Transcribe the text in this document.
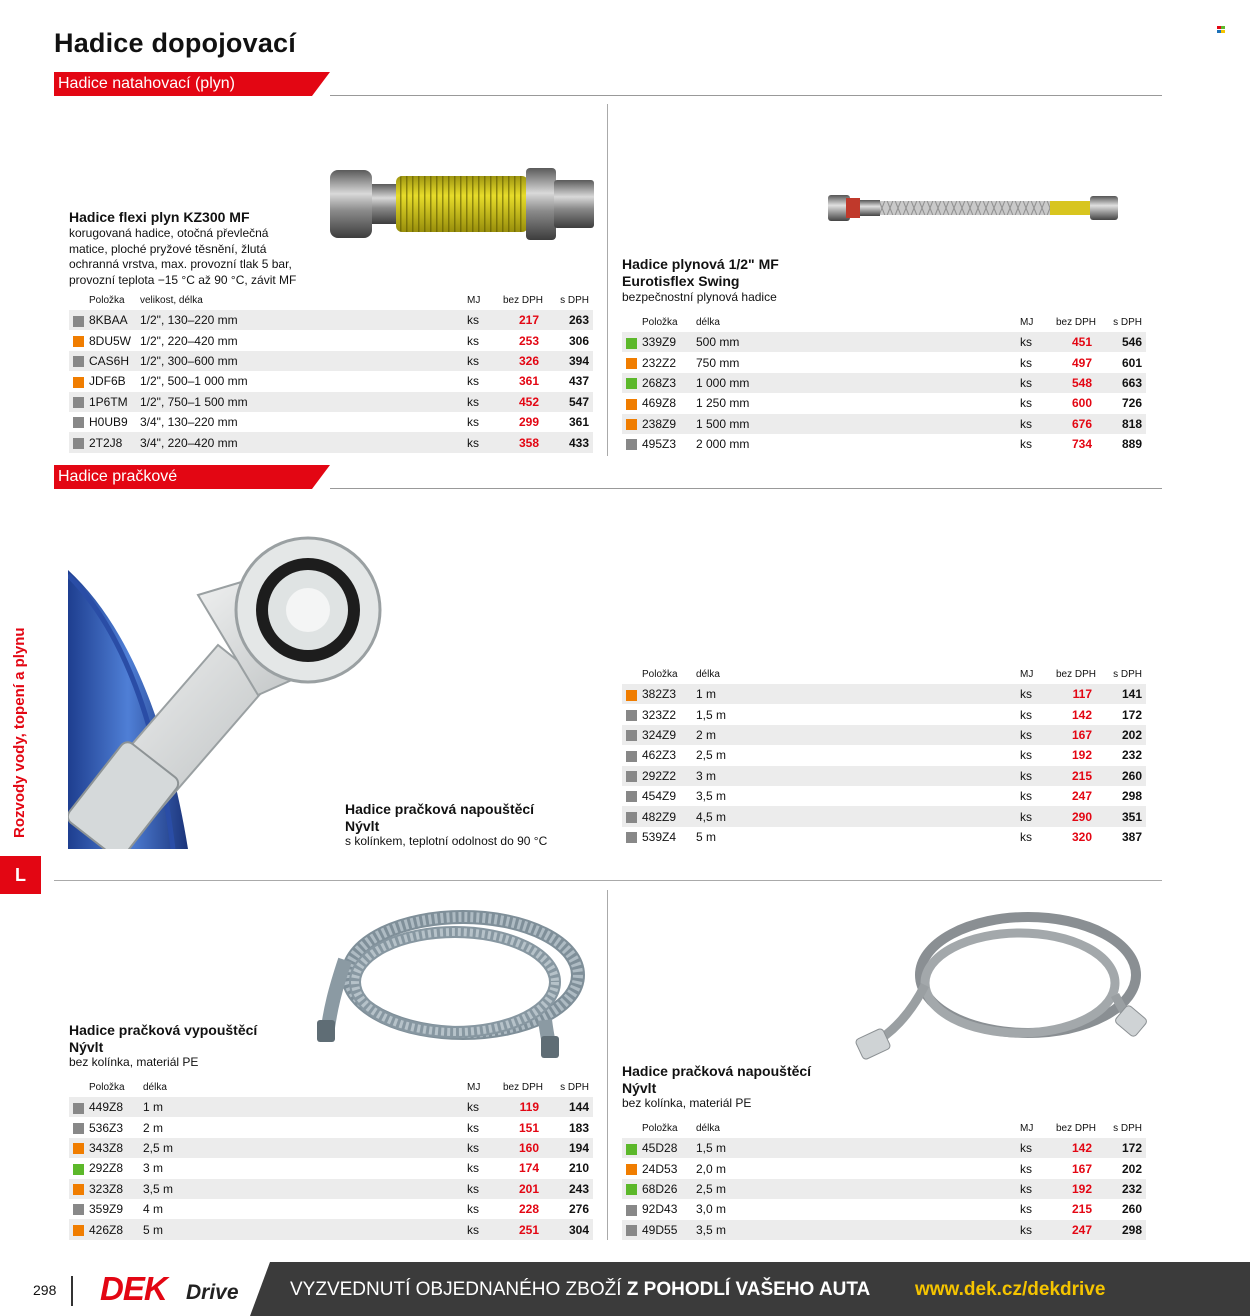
Hadice dopojovací
Hadice natahovací (plyn)
Hadice flexi plyn KZ300 MF
korugovaná hadice, otočná převlečná
matice, ploché pryžové těsnění, žlutá
ochranná vrstva, max. provozní tlak 5 bar,
provozní teplota −15 °C až 90 °C, závit MF
	Položka	velikost, délka	MJ	bez DPH	s DPH
	8KBAA	1/2", 130–220 mm	ks	217	263
	8DU5W	1/2", 220–420 mm	ks	253	306
	CAS6H	1/2", 300–600 mm	ks	326	394
	JDF6B	1/2", 500–1 000 mm	ks	361	437
	1P6TM	1/2", 750–1 500 mm	ks	452	547
	H0UB9	3/4", 130–220 mm	ks	299	361
	2T2J8	3/4", 220–420 mm	ks	358	433
Hadice plynová 1/2" MF
Eurotisflex Swing
bezpečnostní plynová hadice
	Položka	délka	MJ	bez DPH	s DPH
	339Z9	500 mm	ks	451	546
	232Z2	750 mm	ks	497	601
	268Z3	1 000 mm	ks	548	663
	469Z8	1 250 mm	ks	600	726
	238Z9	1 500 mm	ks	676	818
	495Z3	2 000 mm	ks	734	889
Hadice pračkové
Hadice pračková napouštěcí
Nývlt
s kolínkem, teplotní odolnost do 90 °C
	Položka	délka	MJ	bez DPH	s DPH
	382Z3	1 m	ks	117	141
	323Z2	1,5 m	ks	142	172
	324Z9	2 m	ks	167	202
	462Z3	2,5 m	ks	192	232
	292Z2	3 m	ks	215	260
	454Z9	3,5 m	ks	247	298
	482Z9	4,5 m	ks	290	351
	539Z4	5 m	ks	320	387
Hadice pračková vypouštěcí
Nývlt
bez kolínka, materiál PE
	Položka	délka	MJ	bez DPH	s DPH
	449Z8	1 m	ks	119	144
	536Z3	2 m	ks	151	183
	343Z8	2,5 m	ks	160	194
	292Z8	3 m	ks	174	210
	323Z8	3,5 m	ks	201	243
	359Z9	4 m	ks	228	276
	426Z8	5 m	ks	251	304
Hadice pračková napouštěcí
Nývlt
bez kolínka, materiál PE
	Položka	délka	MJ	bez DPH	s DPH
	45D28	1,5 m	ks	142	172
	24D53	2,0 m	ks	167	202
	68D26	2,5 m	ks	192	232
	92D43	3,0 m	ks	215	260
	49D55	3,5 m	ks	247	298
Rozvody vody, topení a plynu
L
298 DEK Drive	VYZVEDNUTÍ OBJEDNANÉHO ZBOŽÍ Z POHODLÍ VAŠEHO AUTA www.dek.cz/dekdrive
